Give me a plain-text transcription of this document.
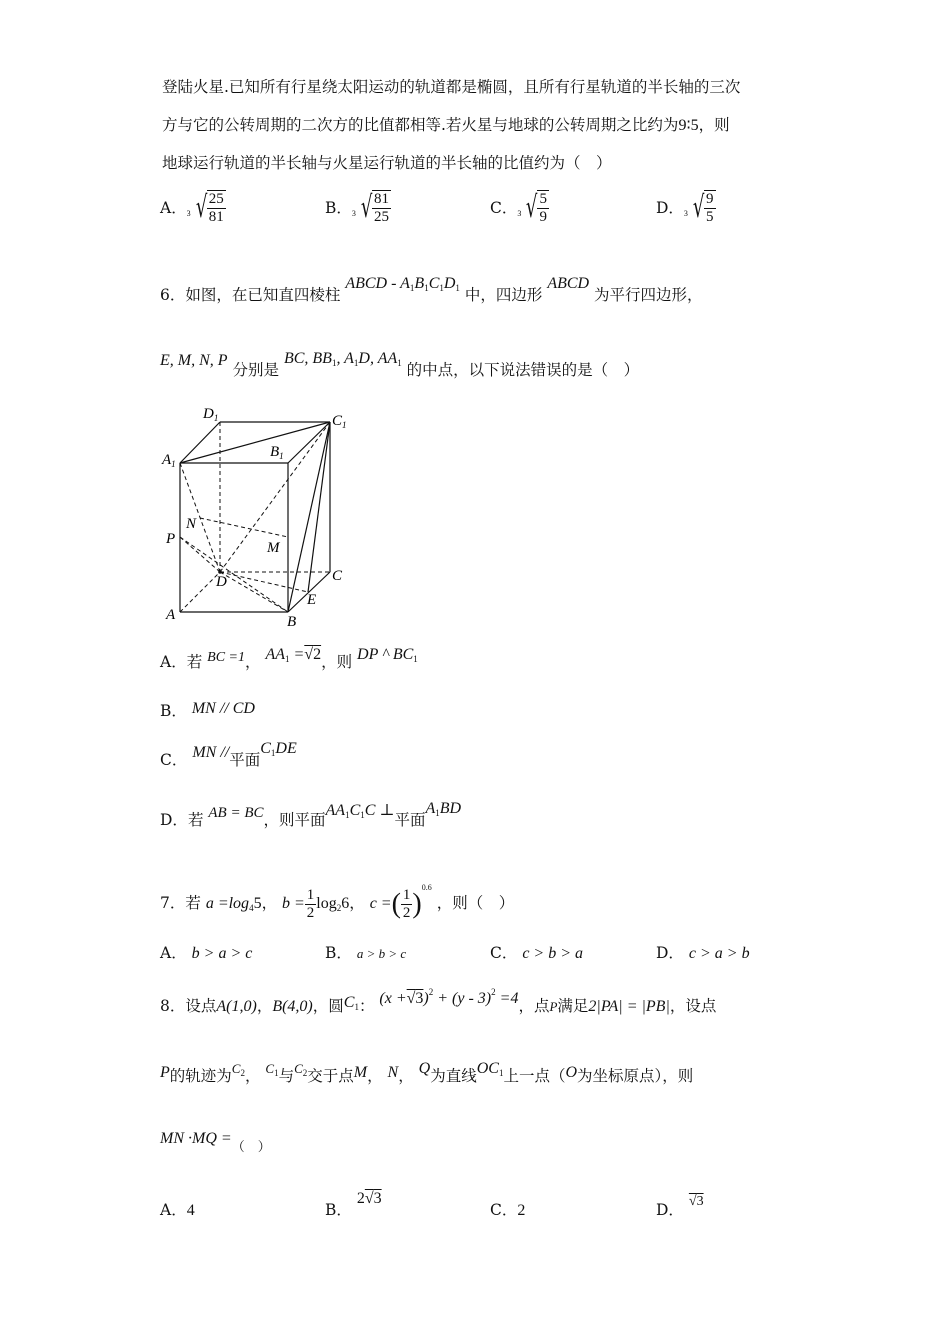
登陆火星.已知所有行星绕太阳运动的轨道都是椭圆，且所有行星轨道的半长轴的三次
方与它的公转周期的二次方的比值都相等.若火星与地球的公转周期之比约为9∶5，则
地球运行轨道的半长轴与火星运行轨道的半长轴的比值约为（　）
A． 3 √ $\frac{25}{81}$	B． 3 √ $\frac{81}{25}$	C． 3 √ $\frac{5}{9}$	D． 3 √ $\frac{9}{5}$
6．如图，在已知直四棱柱 ABCD - $A_1B_1C_1D_1$ 中，四边形 ABCD 为平行四边形，
E, M, N, P 分别是 BC, $BB_1$, $A_1D$, $AA_1$ 的中点，以下说法错误的是（　）
$D_1$	$C_1$
$A_1$
$B_1$
N
P
M
D	C
E
A	B
A．若 BC =1， $AA_1 =√2$，则 DP ^ $BC_1$
B． MN // CD
C． MN //平面$C_1DE$
D．若 AB = BC，则平面$AA_1C_1C$ ⊥平面$A_1BD$
7．若 $a =\log_45$， $b = \frac{1}{2} \log_26$， c =( $\frac{1}{2} )^{0.6}$ ，则（　）
A． b > a > c	B． a > b > c	C． c > b > a	D． c > a > b
8．设点A(1,0)，B(4,0)，圆$C_1$： $(x +√3)^2 + (y - 3)^2 =4$，点P满足2|PA| = |PB|，设点
P的轨迹为$^{C_2}$， $^{C_1}$与$^{C_2}$交于点M， N， Q为直线$OC_1$上一点（O为坐标原点），则
MN $\cdot MQ =_{( )}$
A．4	B． 2√3
C．2	D． √3
